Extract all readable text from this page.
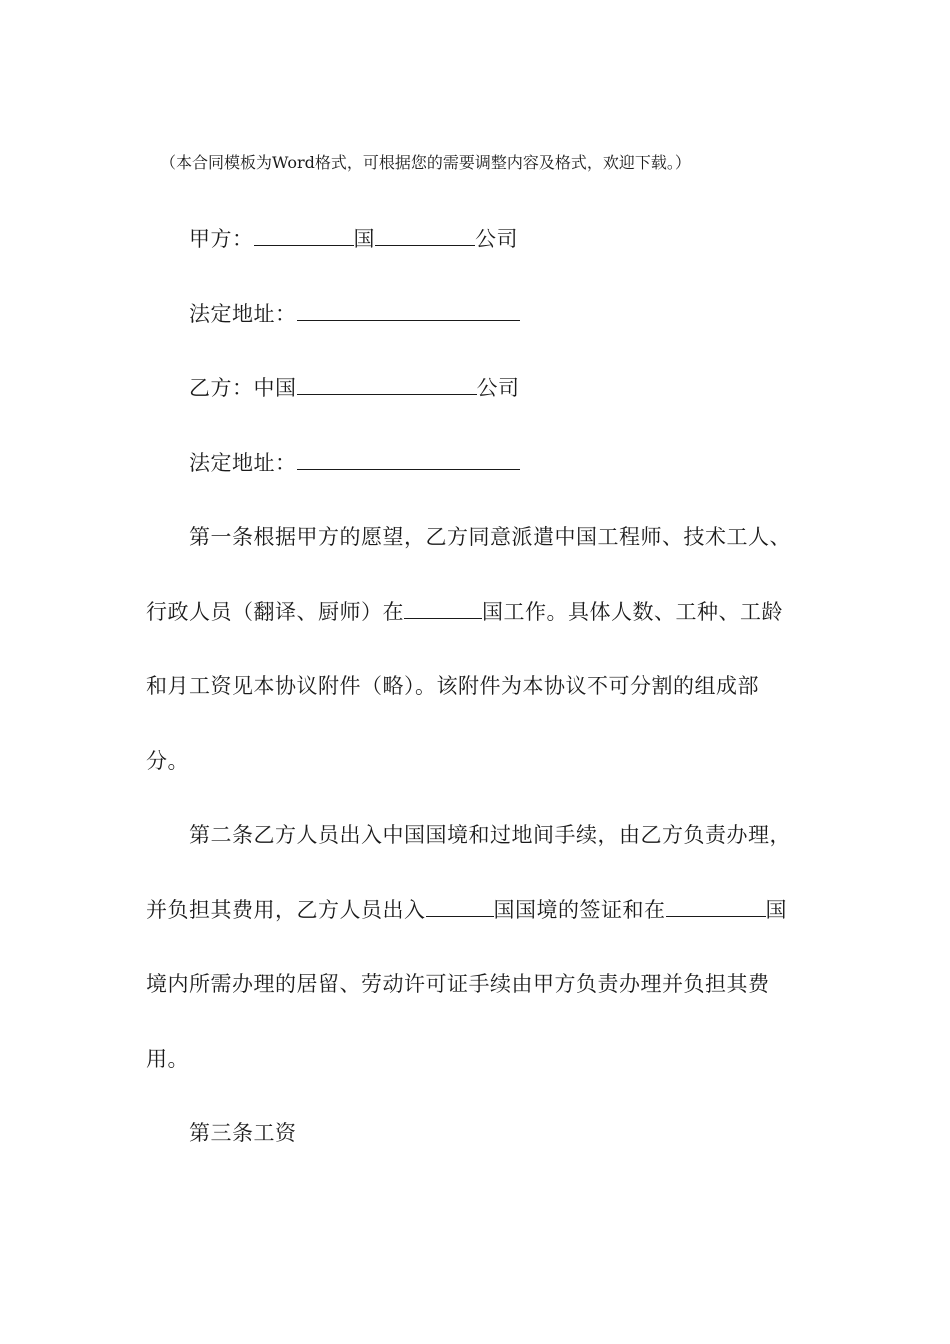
（本合同模板为Word格式，可根据您的需要调整内容及格式，欢迎下载。）
甲方：	国	公司
法定地址：
乙方：中国	公司
法定地址：
第一条根据甲方的愿望，乙方同意派遣中国工程师、技术工人、
行政人员（翻译、厨师）在	国工作。具体人数、工种、工龄
和月工资见本协议附件（略）。该附件为本协议不可分割的组成部
分。
第二条乙方人员出入中国国境和过地间手续，由乙方负责办理，
并负担其费用，乙方人员出入	国国境的签证和在	国
境内所需办理的居留、劳动许可证手续由甲方负责办理并负担其费
用。
第三条工资
